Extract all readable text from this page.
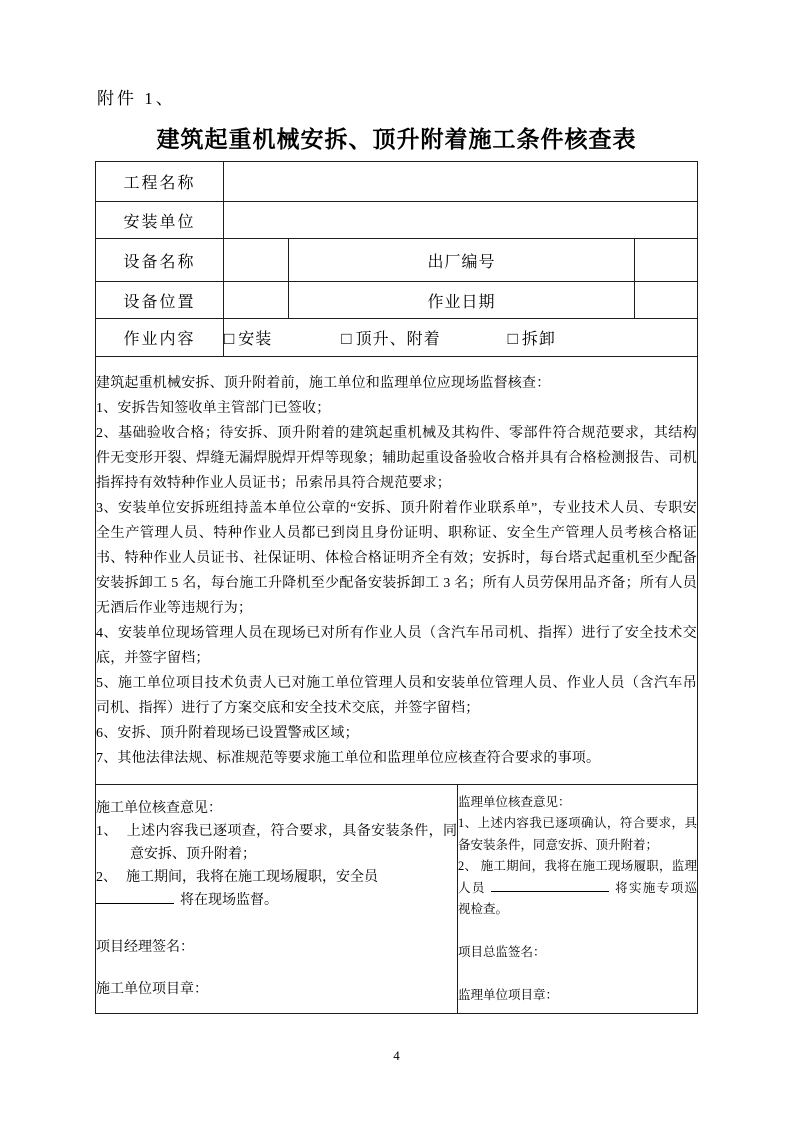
附件 1、
建筑起重机械安拆、顶升附着施工条件核查表
工程名称				
安装单位				
设备名称		出厂编号		
设备位置		作业日期		
作业内容	□ 安装 □ 顶升、附着 □ 拆卸			

建筑起重机械安拆、顶升附着前，施工单位和监理单位应现场监督核查：

1、安拆告知签收单主管部门已签收；

2、基础验收合格；待安拆、顶升附着的建筑起重机械及其构件、零部件符合规范要求，其结构件无变形开裂、焊缝无漏焊脱焊开焊等现象；辅助起重设备验收合格并具有合格检测报告、司机指挥持有效特种作业人员证书；吊索吊具符合规范要求；

3、安装单位安拆班组持盖本单位公章的“安拆、顶升附着作业联系单”，专业技术人员、专职安全生产管理人员、特种作业人员都已到岗且身份证明、职称证、安全生产管理人员考核合格证书、特种作业人员证书、社保证明、体检合格证明齐全有效；安拆时，每台塔式起重机至少配备安装拆卸工 5 名，每台施工升降机至少配备安装拆卸工 3 名；所有人员劳保用品齐备；所有人员无酒后作业等违规行为；

4、安装单位现场管理人员在现场已对所有作业人员（含汽车吊司机、指挥）进行了安全技术交底，并签字留档；

5、施工单位项目技术负责人已对施工单位管理人员和安装单位管理人员、作业人员（含汽车吊司机、指挥）进行了方案交底和安全技术交底，并签字留档；

6、安拆、顶升附着现场已设置警戒区域；

7、其他法律法规、标准规范等要求施工单位和监理单位应核查符合要求的事项。

施工单位核查意见：

1、 上述内容我已逐项查，符合要求，具备安装条件，同意安拆、顶升附着；

2、 施工期间，我将在施工现场履职，安全员

将在现场监督。

项目经理签名：
施工单位项目章：

监理单位核查意见：

1、上述内容我已逐项确认，符合要求，具备安装条件，同意安拆、顶升附着；

2、 施工期间，我将在施工现场履职，监理人员	将实施专项巡视检查。

项目总监签名：
监理单位项目章：
4
